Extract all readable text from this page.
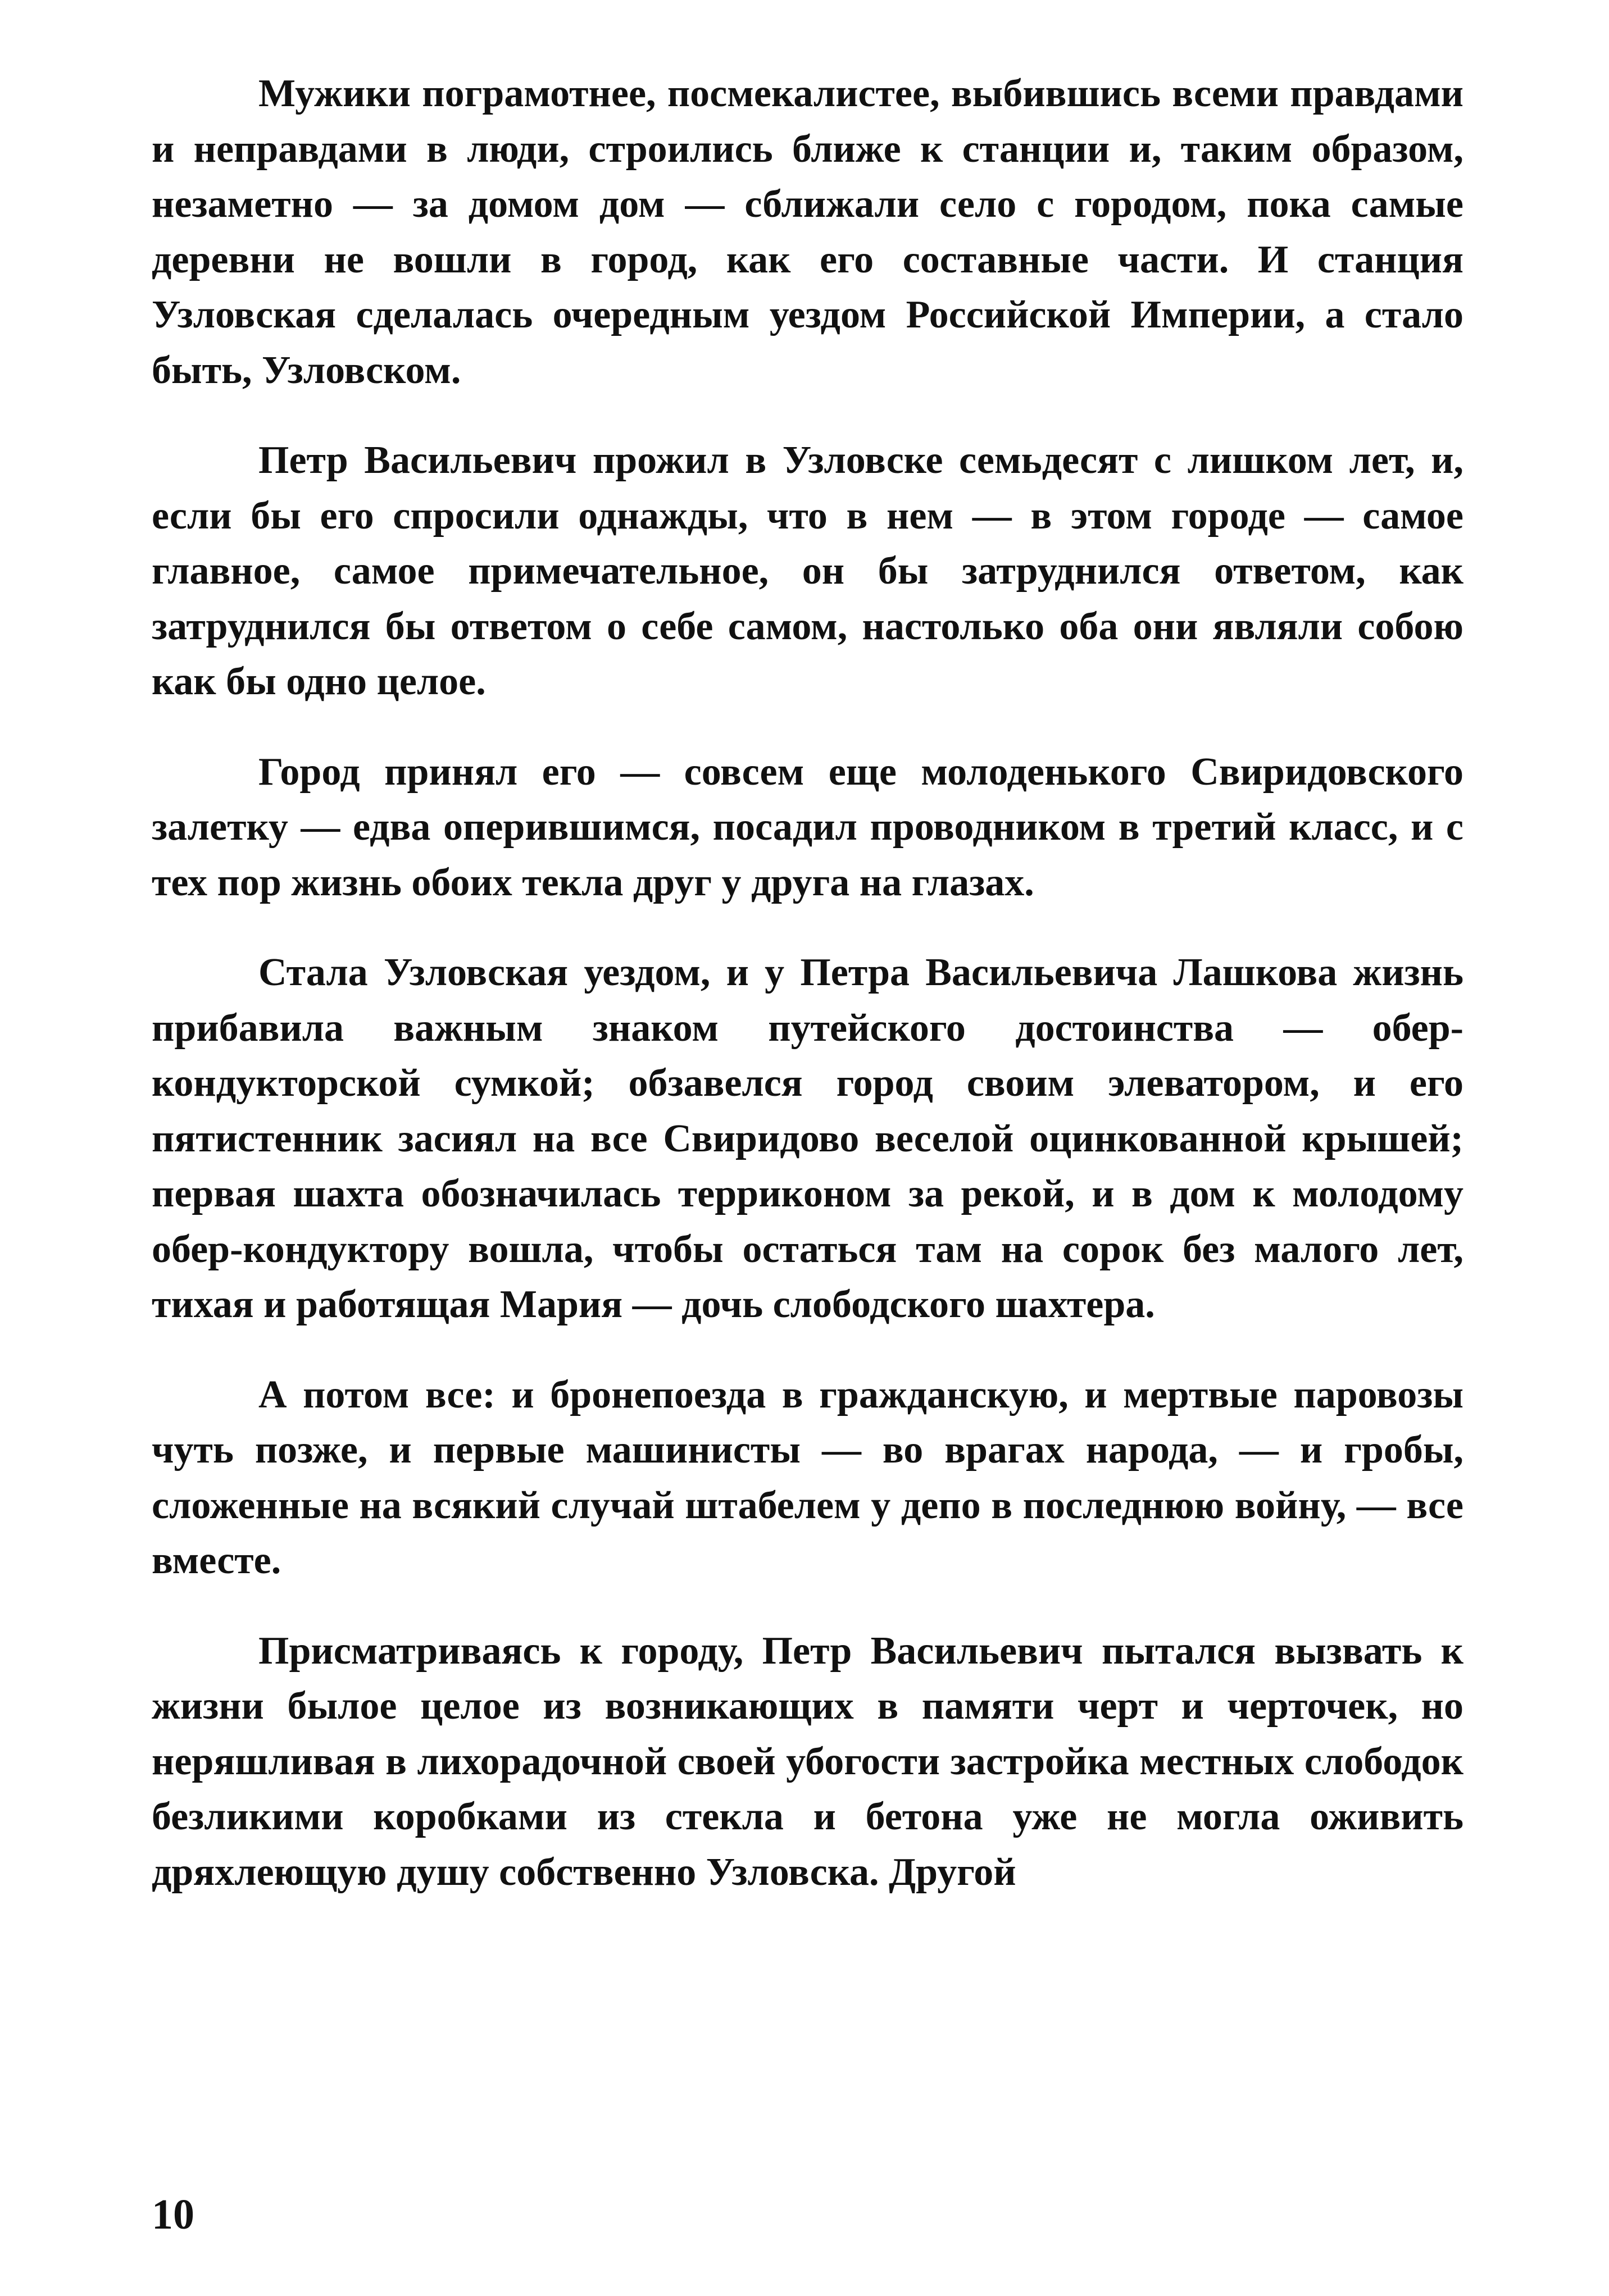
Мужики пограмотнее, посмекалистее, выбившись всеми правдами и неправдами в люди, строились ближе к станции и, таким образом, незаметно — за домом дом — сближали село с городом, пока самые деревни не вошли в город, как его составные части. И станция Узловская сделалась очередным уездом Российской Империи, а стало быть, Узловском.

Петр Васильевич прожил в Узловске семьдесят с лишком лет, и, если бы его спросили однажды, что в нем — в этом городе — самое главное, самое примечательное, он бы затруднился ответом, как затруднился бы ответом о себе самом, настолько оба они являли собою как бы одно целое.

Город принял его — совсем еще молоденького Свиридовского залетку — едва оперившимся, посадил проводником в третий класс, и с тех пор жизнь обоих текла друг у друга на глазах.

Стала Узловская уездом, и у Петра Васильевича Лашкова жизнь прибавила важным знаком путейского достоинства — обер-кондукторской сумкой; обзавелся город своим элеватором, и его пятистенник засиял на все Свиридово веселой оцинкованной крышей; первая шахта обозначилась терриконом за рекой, и в дом к молодому обер-кондуктору вошла, чтобы остаться там на сорок без малого лет, тихая и работящая Мария — дочь слободского шахтера.

А потом все: и бронепоезда в гражданскую, и мертвые паровозы чуть позже, и первые машинисты — во врагах народа, — и гробы, сложенные на всякий случай штабелем у депо в последнюю войну, — все вместе.

Присматриваясь к городу, Петр Васильевич пытался вызвать к жизни былое целое из возникающих в памяти черт и черточек, но неряшливая в лихорадочной своей убогости застройка местных слободок безликими коробками из стекла и бетона уже не могла оживить дряхлеющую душу собственно Узловска. Другой

10
